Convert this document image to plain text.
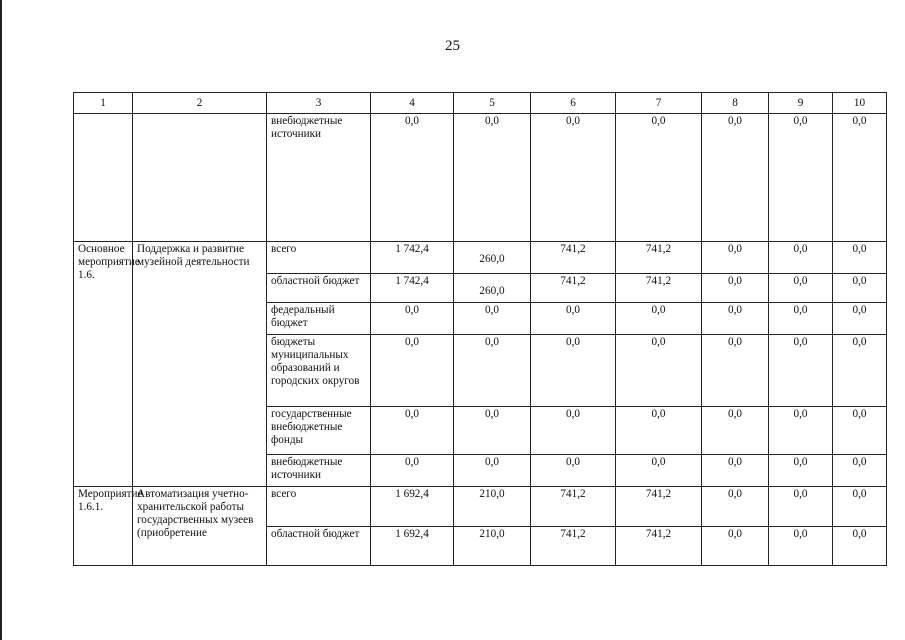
25
1	2	3	4	5	6	7	8	9	10
		внебюджетные источники	0,0	0,0	0,0	0,0	0,0	0,0	0,0
Основное мероприятие 1.6.	Поддержка и развитие музейной деятельности	всего	1 742,4	260,0	741,2	741,2	0,0	0,0	0,0
		областной бюджет	1 742,4	260,0	741,2	741,2	0,0	0,0	0,0
		федеральный бюджет	0,0	0,0	0,0	0,0	0,0	0,0	0,0
		бюджеты муниципальных образований и городских округов	0,0	0,0	0,0	0,0	0,0	0,0	0,0
		государственные внебюджетные фонды	0,0	0,0	0,0	0,0	0,0	0,0	0,0
		внебюджетные источники	0,0	0,0	0,0	0,0	0,0	0,0	0,0
Мероприятие 1.6.1.	Автоматизация учетно-хранительской работы государственных музеев (приобретение	всего	1 692,4	210,0	741,2	741,2	0,0	0,0	0,0
		областной бюджет	1 692,4	210,0	741,2	741,2	0,0	0,0	0,0
